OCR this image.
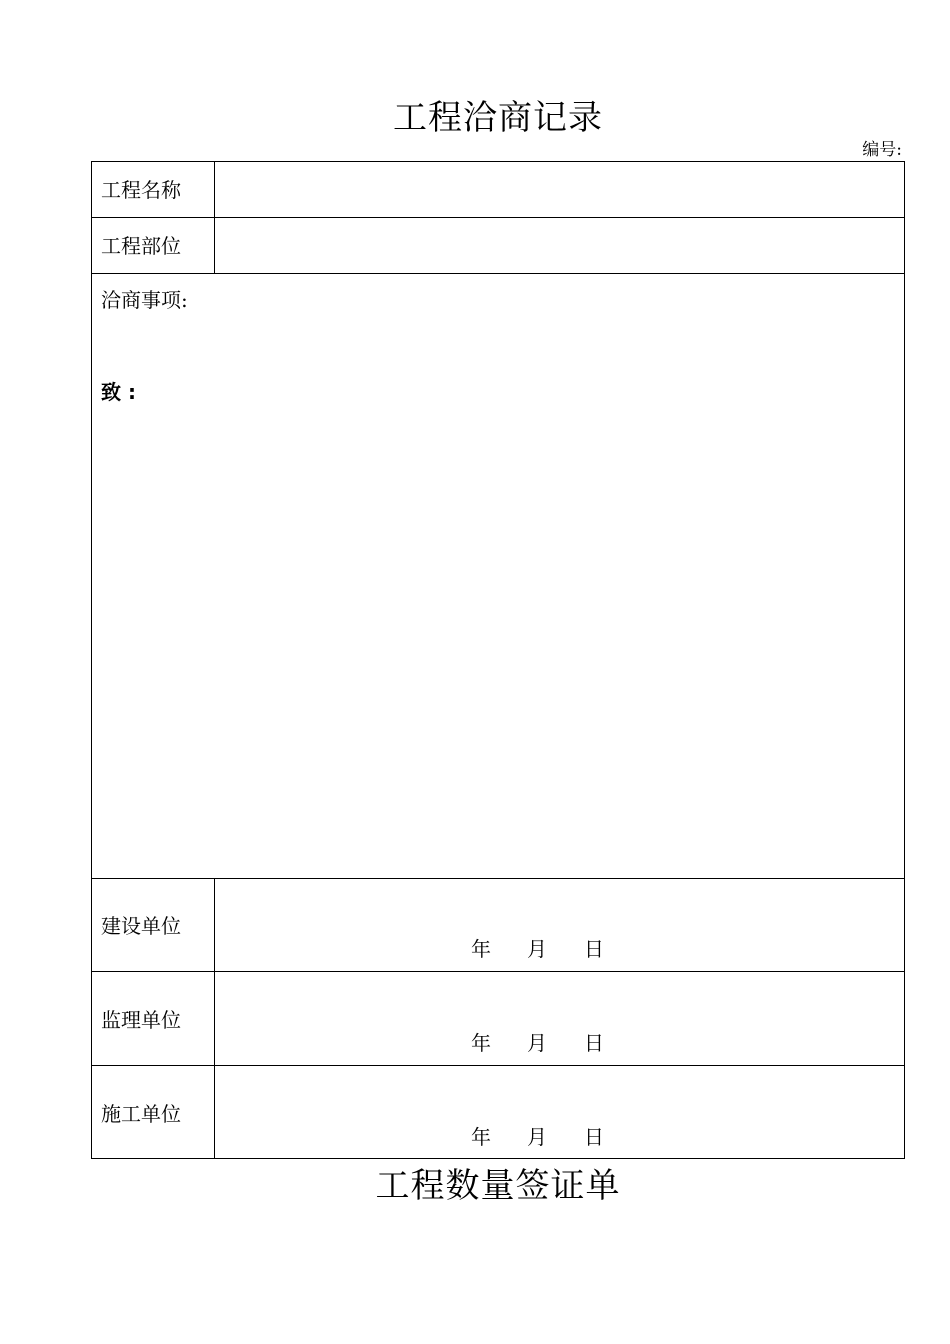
工程洽商记录
编号:
工程名称
工程部位
洽商事项:
致 :
建设单位
年 月 日
监理单位
年 月 日
施工单位
年 月 日
工程数量签证单
